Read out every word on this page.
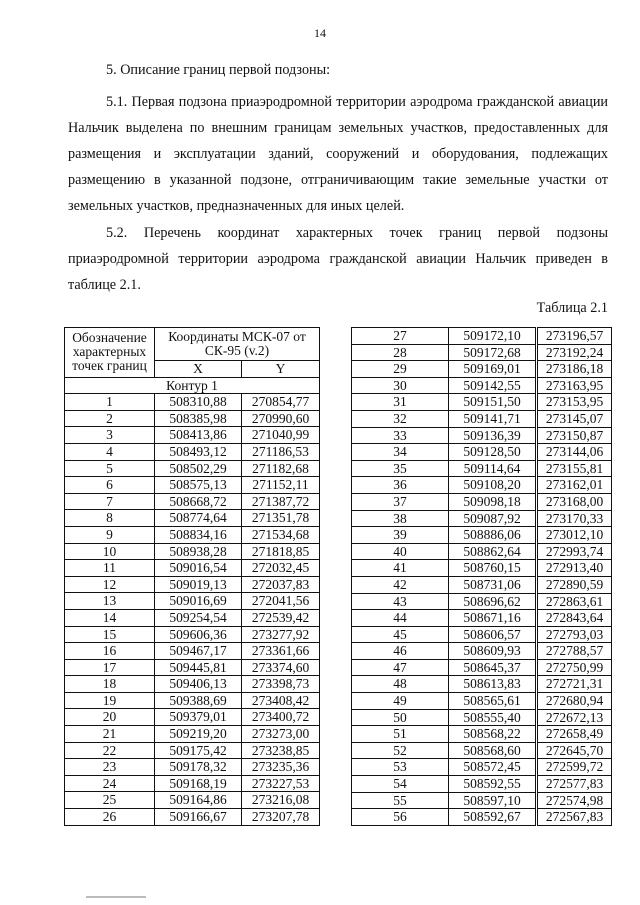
14
5. Описание границ первой подзоны:
5.1. Первая подзона приаэродромной территории аэродрома гражданской авиации Нальчик выделена по внешним границам земельных участков, предоставленных для размещения и эксплуатации зданий, сооружений и оборудования, подлежащих размещению в указанной подзоне, отграничивающим такие земельные участки от земельных участков, предназначенных для иных целей.
5.2. Перечень координат характерных точек границ первой подзоны приаэродромной территории аэродрома гражданской авиации Нальчик приведен в таблице 2.1.
Таблица 2.1
Обозначение характерных точек границ	Координаты МСК-07 от СК-95 (v.2)	
	X	Y
Контур 1		
1	508310,88	270854,77
2	508385,98	270990,60
3	508413,86	271040,99
4	508493,12	271186,53
5	508502,29	271182,68
6	508575,13	271152,11
7	508668,72	271387,72
8	508774,64	271351,78
9	508834,16	271534,68
10	508938,28	271818,85
11	509016,54	272032,45
12	509019,13	272037,83
13	509016,69	272041,56
14	509254,54	272539,42
15	509606,36	273277,92
16	509467,17	273361,66
17	509445,81	273374,60
18	509406,13	273398,73
19	509388,69	273408,42
20	509379,01	273400,72
21	509219,20	273273,00
22	509175,42	273238,85
23	509178,32	273235,36
24	509168,19	273227,53
25	509164,86	273216,08
26	509166,67	273207,78
27	509172,10	273196,57
28	509172,68	273192,24
29	509169,01	273186,18
30	509142,55	273163,95
31	509151,50	273153,95
32	509141,71	273145,07
33	509136,39	273150,87
34	509128,50	273144,06
35	509114,64	273155,81
36	509108,20	273162,01
37	509098,18	273168,00
38	509087,92	273170,33
39	508886,06	273012,10
40	508862,64	272993,74
41	508760,15	272913,40
42	508731,06	272890,59
43	508696,62	272863,61
44	508671,16	272843,64
45	508606,57	272793,03
46	508609,93	272788,57
47	508645,37	272750,99
48	508613,83	272721,31
49	508565,61	272680,94
50	508555,40	272672,13
51	508568,22	272658,49
52	508568,60	272645,70
53	508572,45	272599,72
54	508592,55	272577,83
55	508597,10	272574,98
56	508592,67	272567,83
